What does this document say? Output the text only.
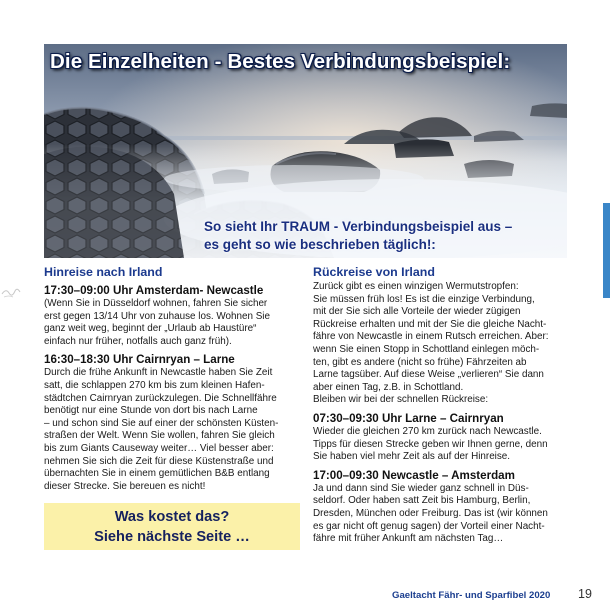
Die Einzelheiten - Bestes Verbindungsbeispiel:
So sieht Ihr TRAUM - Verbindungsbeispiel aus –
es geht so wie beschrieben täglich!:
Hinreise nach Irland
17:30–09:00 Uhr Amsterdam- Newcastle

(Wenn Sie in Düsseldorf wohnen, fahren Sie sicher
erst gegen 13/14 Uhr von zuhause los. Wohnen Sie
ganz weit weg, beginnt der „Urlaub ab Haustüre“
einfach nur früher, notfalls auch ganz früh).

16:30–18:30 Uhr Cairnryan – Larne

Durch die frühe Ankunft in Newcastle haben Sie Zeit
satt, die schlappen 270 km bis zum kleinen Hafen-
städtchen Cairnryan zurückzulegen. Die Schnellfähre
benötigt nur eine Stunde von dort bis nach Larne
– und schon sind Sie auf einer der schönsten Küsten-
straßen der Welt. Wenn Sie wollen, fahren Sie gleich
bis zum Giants Causeway weiter… Viel besser aber:
nehmen Sie sich die Zeit für diese Küstenstraße und
übernachten Sie in einem gemütlichen B&B entlang
dieser Strecke. Sie bereuen es nicht!

Was kostet das?
Siehe nächste Seite …
Rückreise von Irland

Zurück gibt es einen winzigen Wermutstropfen:
Sie müssen früh los! Es ist die einzige Verbindung,
mit der Sie sich alle Vorteile der wieder zügigen
Rückreise erhalten und mit der Sie die gleiche Nacht-
fähre von Newcastle in einem Rutsch erreichen. Aber:
wenn Sie einen Stopp in Schottland einlegen möch-
ten, gibt es andere (nicht so frühe) Fährzeiten ab
Larne tagsüber. Auf diese Weise „verlieren“ Sie dann
aber einen Tag, z.B. in Schottland.
Bleiben wir bei der schnellen Rückreise:

07:30–09:30 Uhr Larne – Cairnryan

Wieder die gleichen 270 km zurück nach Newcastle.
Tipps für diesen Strecke geben wir Ihnen gerne, denn
Sie haben viel mehr Zeit als auf der Hinreise.

17:00–09:30 Newcastle – Amsterdam

Ja und dann sind Sie wieder ganz schnell in Düs-
seldorf. Oder haben satt Zeit bis Hamburg, Berlin,
Dresden, München oder Freiburg. Das ist (wir können
es gar nicht oft genug sagen) der Vorteil einer Nacht-
fähre mit früher Ankunft am nächsten Tag…

Gaeltacht Fähr- und Sparfibel 2020 19
